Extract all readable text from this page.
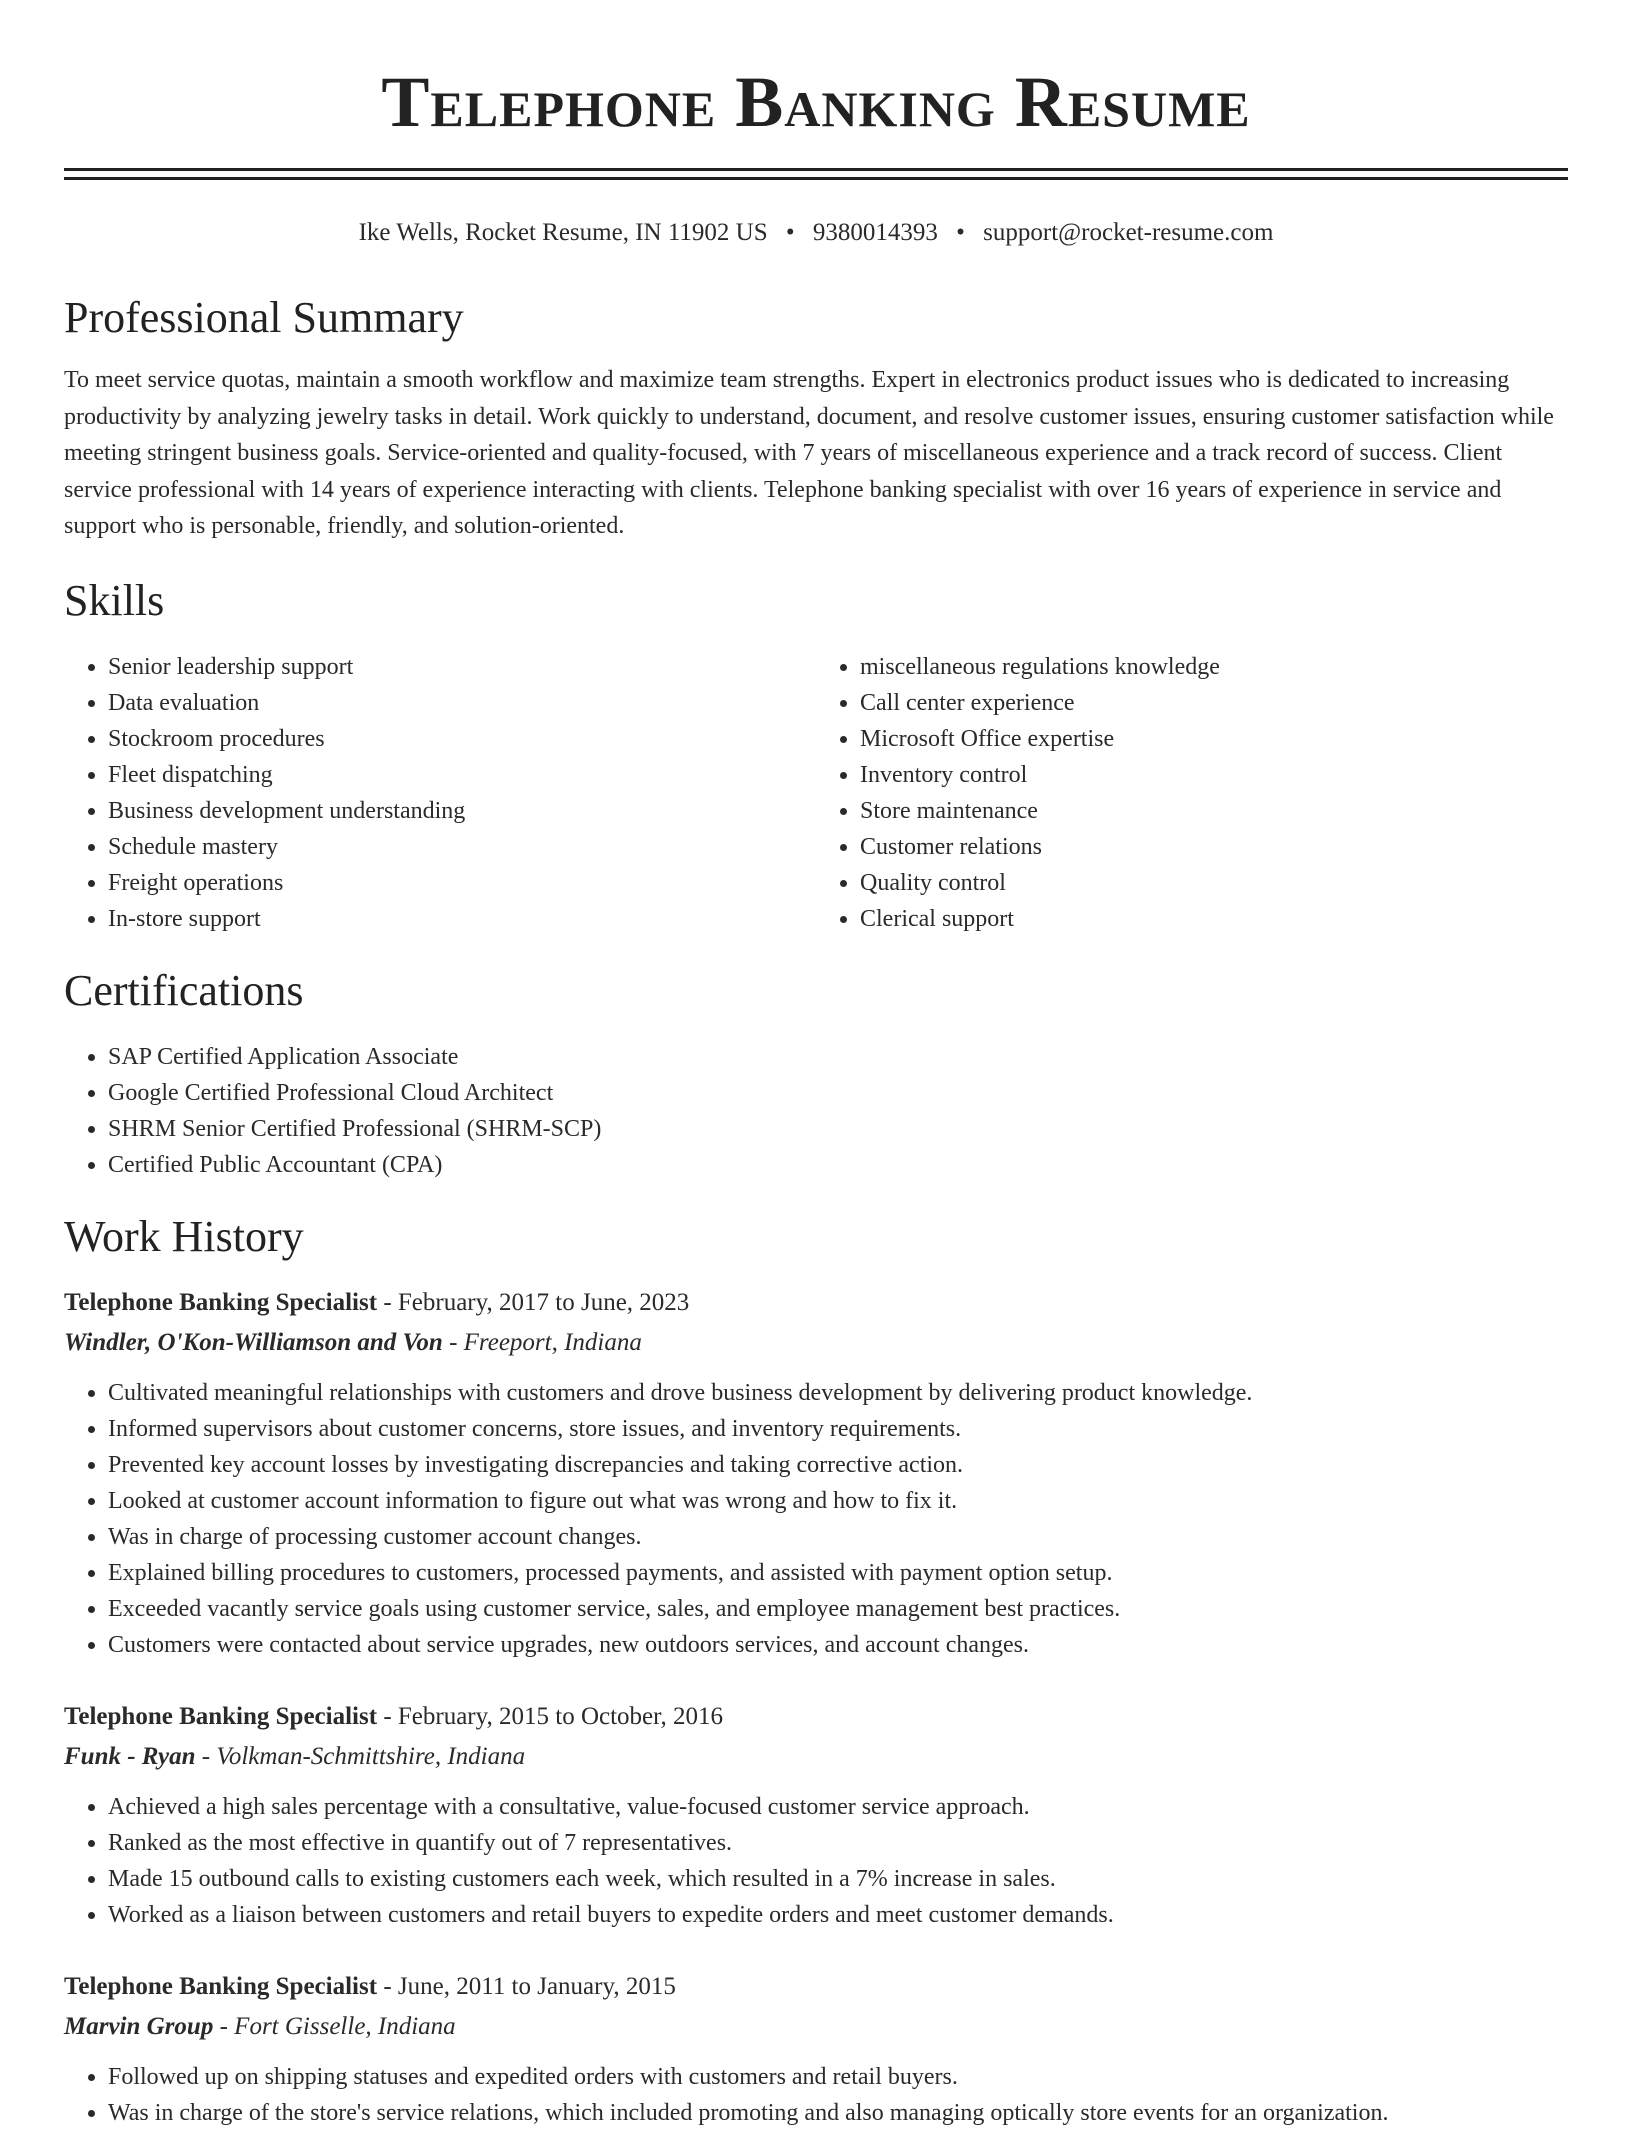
Telephone Banking Resume
Ike Wells, Rocket Resume, IN 11902 US • 9380014393 • support@rocket-resume.com
Professional Summary

To meet service quotas, maintain a smooth workflow and maximize team strengths. Expert in electronics product issues who is dedicated to increasing productivity by analyzing jewelry tasks in detail. Work quickly to understand, document, and resolve customer issues, ensuring customer satisfaction while meeting stringent business goals. Service-oriented and quality-focused, with 7 years of miscellaneous experience and a track record of success. Client service professional with 14 years of experience interacting with clients. Telephone banking specialist with over 16 years of experience in service and support who is personable, friendly, and solution-oriented.

Skills
• Senior leadership support
• Data evaluation
• Stockroom procedures
• Fleet dispatching
• Business development understanding
• Schedule mastery
• Freight operations
• In-store support
• miscellaneous regulations knowledge
• Call center experience
• Microsoft Office expertise
• Inventory control
• Store maintenance
• Customer relations
• Quality control
• Clerical support
Certifications
• SAP Certified Application Associate
• Google Certified Professional Cloud Architect
• SHRM Senior Certified Professional (SHRM-SCP)
• Certified Public Accountant (CPA)
Work History
Telephone Banking Specialist - February, 2017 to June, 2023
Windler, O'Kon-Williamson and Von - Freeport, Indiana
• Cultivated meaningful relationships with customers and drove business development by delivering product knowledge.
• Informed supervisors about customer concerns, store issues, and inventory requirements.
• Prevented key account losses by investigating discrepancies and taking corrective action.
• Looked at customer account information to figure out what was wrong and how to fix it.
• Was in charge of processing customer account changes.
• Explained billing procedures to customers, processed payments, and assisted with payment option setup.
• Exceeded vacantly service goals using customer service, sales, and employee management best practices.
• Customers were contacted about service upgrades, new outdoors services, and account changes.
Telephone Banking Specialist - February, 2015 to October, 2016
Funk - Ryan - Volkman-Schmittshire, Indiana
• Achieved a high sales percentage with a consultative, value-focused customer service approach.
• Ranked as the most effective in quantify out of 7 representatives.
• Made 15 outbound calls to existing customers each week, which resulted in a 7% increase in sales.
• Worked as a liaison between customers and retail buyers to expedite orders and meet customer demands.
Telephone Banking Specialist - June, 2011 to January, 2015
Marvin Group - Fort Gisselle, Indiana
• Followed up on shipping statuses and expedited orders with customers and retail buyers.
• Was in charge of the store's service relations, which included promoting and also managing optically store events for an organization.
